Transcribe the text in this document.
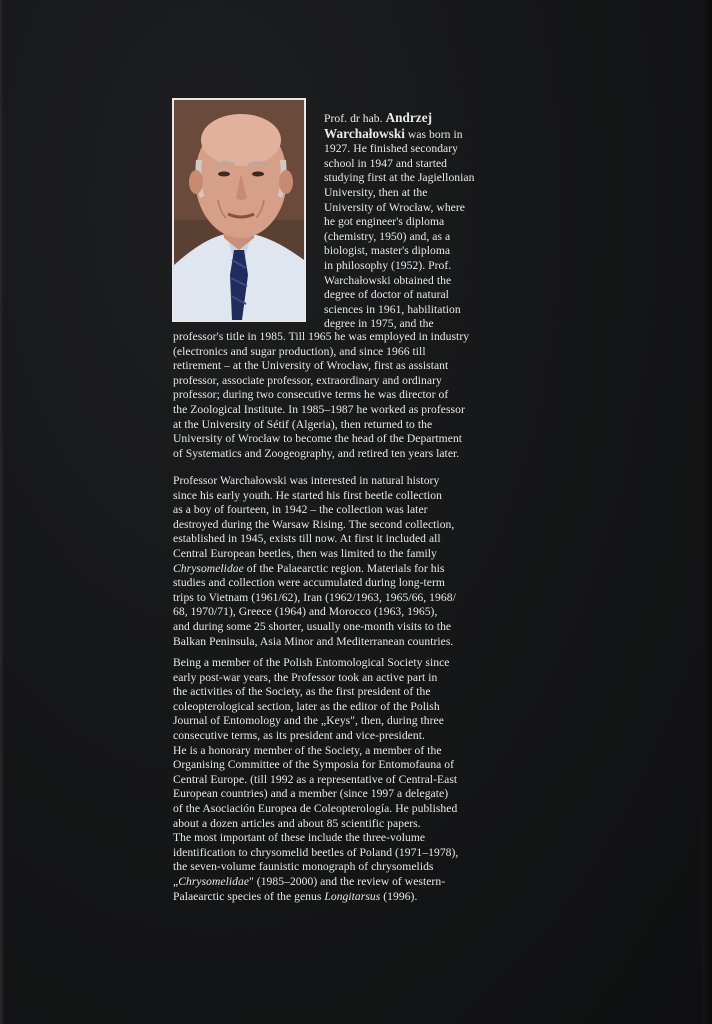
Prof. dr hab. Andrzej
Warchałowski was born in
1927. He finished secondary
school in 1947 and started
studying first at the Jagiellonian
University, then at the
University of Wrocław, where
he got engineer's diploma
(chemistry, 1950) and, as a
biologist, master's diploma
in philosophy (1952). Prof.
Warchałowski obtained the
degree of doctor of natural
sciences in 1961, habilitation
degree in 1975, and the
professor's title in 1985. Till 1965 he was employed in industry
(electronics and sugar production), and since 1966 till
retirement – at the University of Wrocław, first as assistant
professor, associate professor, extraordinary and ordinary
professor; during two consecutive terms he was director of
the Zoological Institute. In 1985–1987 he worked as professor
at the University of Sétif (Algeria), then returned to the
University of Wrocław to become the head of the Department
of Systematics and Zoogeography, and retired ten years later.
Professor Warchałowski was interested in natural history
since his early youth. He started his first beetle collection
as a boy of fourteen, in 1942 – the collection was later
destroyed during the Warsaw Rising. The second collection,
established in 1945, exists till now. At first it included all
Central European beetles, then was limited to the family
Chrysomelidae of the Palaearctic region. Materials for his
studies and collection were accumulated during long-term
trips to Vietnam (1961/62), Iran (1962/1963, 1965/66, 1968/
68, 1970/71), Greece (1964) and Morocco (1963, 1965),
and during some 25 shorter, usually one-month visits to the
Balkan Peninsula, Asia Minor and Mediterranean countries.
Being a member of the Polish Entomological Society since
early post-war years, the Professor took an active part in
the activities of the Society, as the first president of the
coleopterological section, later as the editor of the Polish
Journal of Entomology and the „Keys", then, during three
consecutive terms, as its president and vice-president.
He is a honorary member of the Society, a member of the
Organising Committee of the Symposia for Entomofauna of
Central Europe. (till 1992 as a representative of Central-East
European countries) and a member (since 1997 a delegate)
of the Asociación Europea de Coleopterología. He published
about a dozen articles and about 85 scientific papers.
The most important of these include the three-volume
identification to chrysomelid beetles of Poland (1971–1978),
the seven-volume faunistic monograph of chrysomelids
„Chrysomelidae" (1985–2000) and the review of western-
Palaearctic species of the genus Longitarsus (1996).
